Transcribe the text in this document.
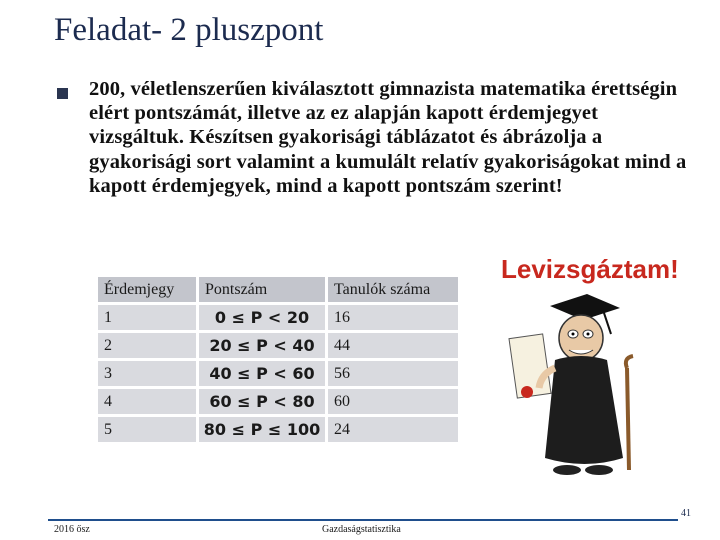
Feladat- 2 pluszpont
200, véletlenszerűen kiválasztott gimnazista matematika érettségin elért pontszámát, illetve az ez alapján kapott érdemjegyet vizsgáltuk. Készítsen gyakorisági táblázatot és ábrázolja a gyakorisági sort valamint a kumulált relatív gyakoriságokat mind a kapott érdemjegyek, mind a kapott pontszám szerint!
Érdemjegy	Pontszám	Tanulók száma
1	0 ≤ P < 20	16
2	20 ≤ P < 40	44
3	40 ≤ P < 60	56
4	60 ≤ P < 80	60
5	80 ≤ P ≤ 100	24
Levizsgáztam!
41
2016 ősz	Gazdaságstatisztika
